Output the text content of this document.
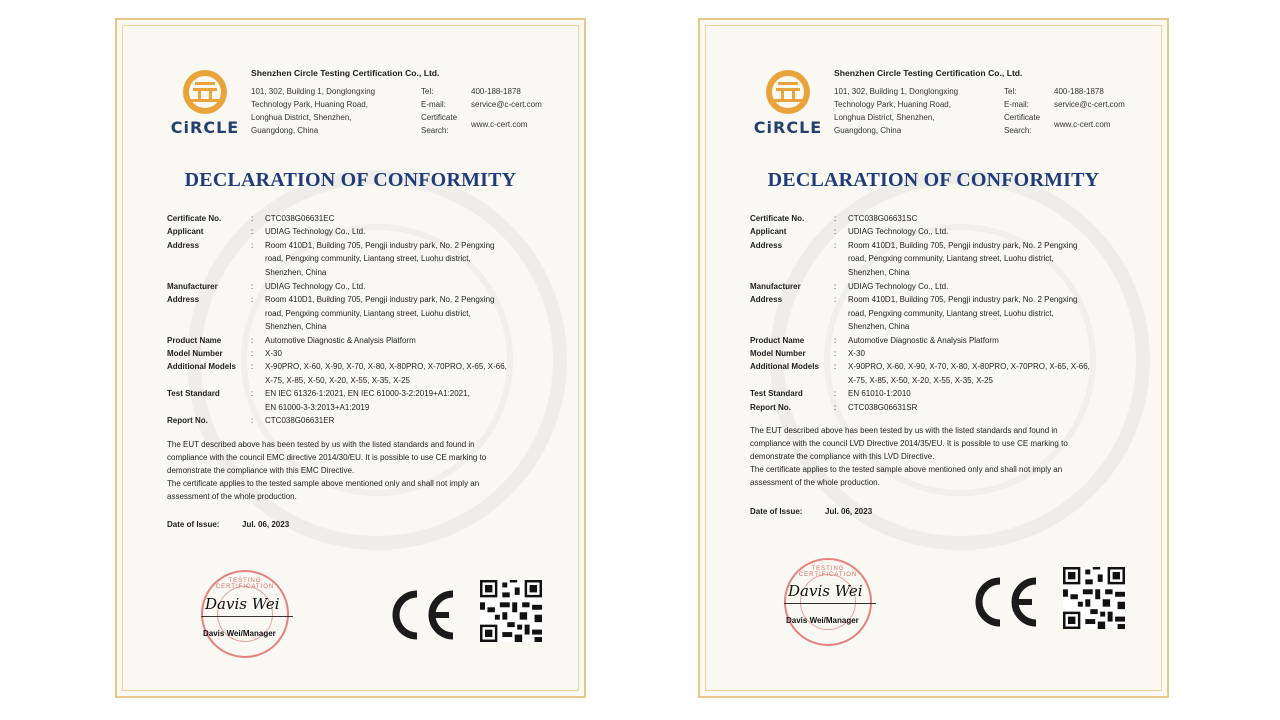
CiRCLE
Shenzhen Circle Testing Certification Co., Ltd.
101, 302, Building 1, Donglongxing
Technology Park, Huaning Road,
Longhua District, Shenzhen,
Guangdong, China
Tel:	400-188-1878
E-mail:	service@c-cert.com
Certificate
Search:
www.c-cert.com
DECLARATION OF CONFORMITY
Certificate No.	:	CTC038G06631EC
Applicant	:	UDIAG Technology Co., Ltd.
Address	:	Room 410D1, Building 705, Pengji industry park, No. 2 Pengxing
road, Pengxing community, Liantang street, Luohu district,
Shenzhen, China
Manufacturer	:	UDIAG Technology Co., Ltd.
Address	:	Room 410D1, Building 705, Pengji industry park, No. 2 Pengxing
road, Pengxing community, Liantang street, Luohu district,
Shenzhen, China
Product Name	:	Automotive Diagnostic & Analysis Platform
Model Number	:	X-30
Additional Models	:	X-90PRO, X-60, X-90, X-70, X-80, X-80PRO, X-70PRO, X-65, X-66,
X-75, X-85, X-50, X-20, X-55, X-35, X-25
Test Standard	:	EN IEC 61326-1:2021, EN IEC 61000-3-2:2019+A1:2021,
EN 61000-3-3:2013+A1:2019
Report No.	:	CTC038G06631ER
The EUT described above has been tested by us with the listed standards and found in
compliance with the council EMC directive 2014/30/EU. It is possible to use CE marking to
demonstrate the compliance with this EMC Directive.
The certificate applies to the tested sample above mentioned only and shall not imply an
assessment of the whole production.
Date of Issue:	Jul. 06, 2023
TESTING CERTIFICATION
Davis Wei
Davis Wei/Manager
CiRCLE
Shenzhen Circle Testing Certification Co., Ltd.
101, 302, Building 1, Donglongxing
Technology Park, Huaning Road,
Longhua District, Shenzhen,
Guangdong, China
Tel:	400-188-1878
E-mail:	service@c-cert.com
Certificate
Search:
www.c-cert.com
DECLARATION OF CONFORMITY
Certificate No.	:	CTC038G06631SC
Applicant	:	UDIAG Technology Co., Ltd.
Address	:	Room 410D1, Building 705, Pengji industry park, No. 2 Pengxing
road, Pengxing community, Liantang street, Luohu district,
Shenzhen, China
Manufacturer	:	UDIAG Technology Co., Ltd.
Address	:	Room 410D1, Building 705, Pengji industry park, No. 2 Pengxing
road, Pengxing community, Liantang street, Luohu district,
Shenzhen, China
Product Name	:	Automotive Diagnostic & Analysis Platform
Model Number	:	X-30
Additional Models	:	X-90PRO, X-60, X-90, X-70, X-80, X-80PRO, X-70PRO, X-65, X-66,
X-75, X-85, X-50, X-20, X-55, X-35, X-25
Test Standard	:	EN 61010-1:2010
Report No.	:	CTC038G06631SR
The EUT described above has been tested by us with the listed standards and found in
compliance with the council LVD Directive 2014/35/EU. It is possible to use CE marking to
demonstrate the compliance with this LVD Directive.
The certificate applies to the tested sample above mentioned only and shall not imply an
assessment of the whole production.
Date of Issue:	Jul. 06, 2023
TESTING CERTIFICATION
Davis Wei
Davis Wei/Manager
